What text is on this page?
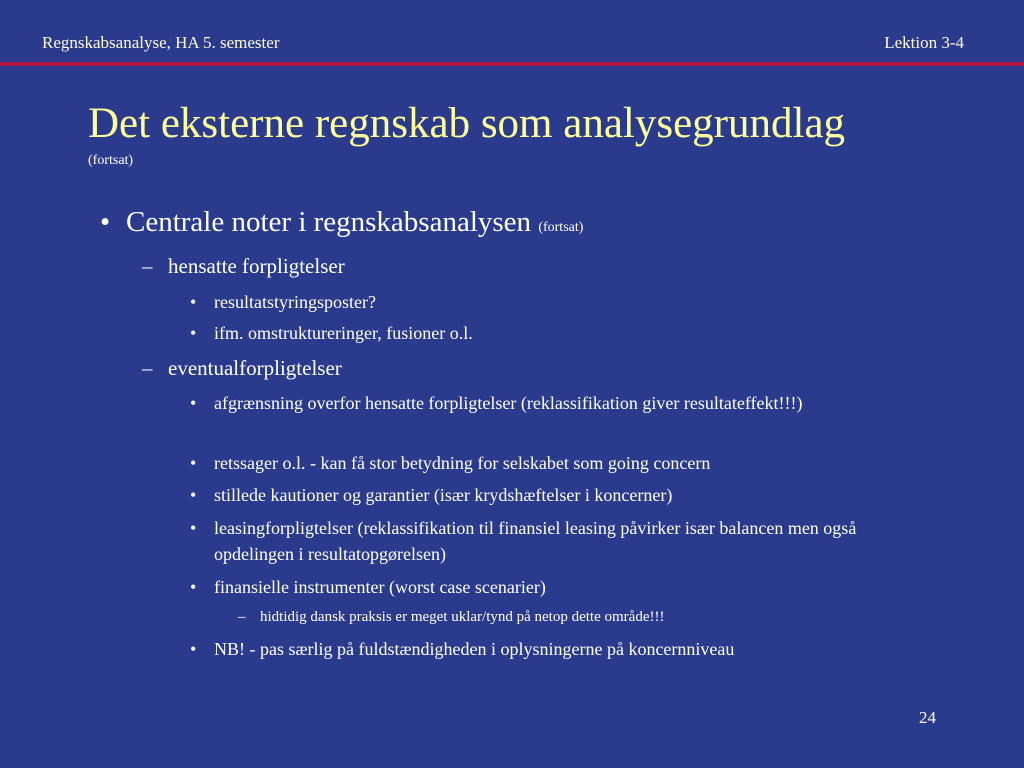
Regnskabsanalyse, HA 5. semester	Lektion 3-4
Det eksterne regnskab som analysegrundlag
(fortsat)
• Centrale noter i regnskabsanalysen (fortsat)
– hensatte forpligtelser
• resultatstyringsposter?
• ifm. omstruktureringer, fusioner o.l.
– eventualforpligtelser
• afgrænsning overfor hensatte forpligtelser (reklassifikation giver resultateffekt!!!)
• retssager o.l. - kan få stor betydning for selskabet som going concern
• stillede kautioner og garantier (især krydshæftelser i koncerner)
• leasingforpligtelser (reklassifikation til finansiel leasing påvirker især balancen men også opdelingen i resultatopgørelsen)
• finansielle instrumenter (worst case scenarier)
– hidtidig dansk praksis er meget uklar/tynd på netop dette område!!!
• NB! - pas særlig på fuldstændigheden i oplysningerne på koncernniveau
24
